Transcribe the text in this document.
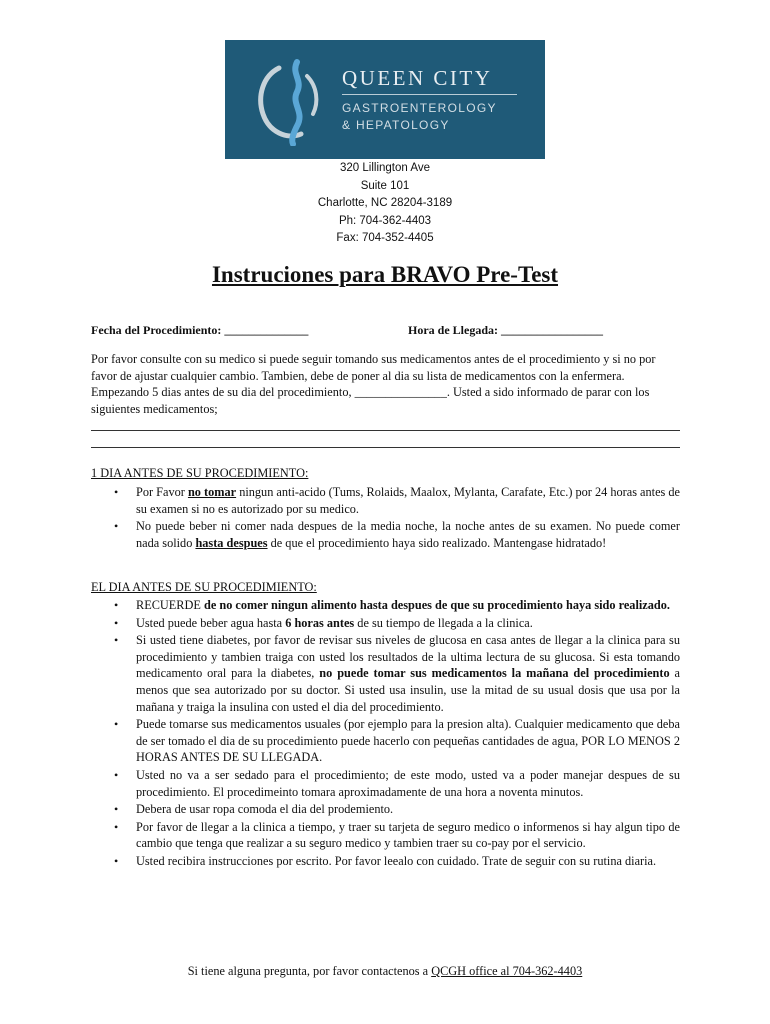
QUEEN CITY
GASTROENTEROLOGY
& HEPATOLOGY
320 Lillington Ave
Suite 101
Charlotte, NC 28204-3189
Ph: 704-362-4403
Fax: 704-352-4405
Instruciones para BRAVO Pre-Test
Fecha del Procedimiento: ______________	Hora de Llegada: _________________
Por favor consulte con su medico si puede seguir tomando sus medicamentos antes de el procedimiento y si no por favor de ajustar cualquier cambio. Tambien, debe de poner al dia su lista de medicamentos con la enfermera. Empezando 5 dias antes de su dia del procedimiento, _______________. Usted a sido informado de parar con los siguientes medicamentos;
1 DIA ANTES DE SU PROCEDIMIENTO:
• Por Favor no tomar ningun anti-acido (Tums, Rolaids, Maalox, Mylanta, Carafate, Etc.) por 24 horas antes de su examen si no es autorizado por su medico.
• No puede beber ni comer nada despues de la media noche, la noche antes de su examen. No puede comer nada solido hasta despues de que el procedimiento haya sido realizado. Mantengase hidratado!
EL DIA ANTES DE SU PROCEDIMIENTO:
• RECUERDE de no comer ningun alimento hasta despues de que su procedimiento haya sido realizado.
• Usted puede beber agua hasta 6 horas antes de su tiempo de llegada a la clinica.
• Si usted tiene diabetes, por favor de revisar sus niveles de glucosa en casa antes de llegar a la clinica para su procedimiento y tambien traiga con usted los resultados de la ultima lectura de su glucosa. Si esta tomando medicamento oral para la diabetes, no puede tomar sus medicamentos la mañana del procedimiento a menos que sea autorizado por su doctor. Si usted usa insulin, use la mitad de su usual dosis que usa por la mañana y traiga la insulina con usted el dia del procedimiento.
• Puede tomarse sus medicamentos usuales (por ejemplo para la presion alta). Cualquier medicamento que deba de ser tomado el dia de su procedimiento puede hacerlo con pequeñas cantidades de agua, POR LO MENOS 2 HORAS ANTES DE SU LLEGADA.
• Usted no va a ser sedado para el procedimiento; de este modo, usted va a poder manejar despues de su procedimiento. El procedimeinto tomara aproximadamente de una hora a noventa minutos.
• Debera de usar ropa comoda el dia del prodemiento.
• Por favor de llegar a la clinica a tiempo, y traer su tarjeta de seguro medico o informenos si hay algun tipo de cambio que tenga que realizar a su seguro medico y tambien traer su co-pay por el servicio.
• Usted recibira instrucciones por escrito. Por favor leealo con cuidado. Trate de seguir con su rutina diaria.
Si tiene alguna pregunta, por favor contactenos a QCGH office al 704-362-4403
